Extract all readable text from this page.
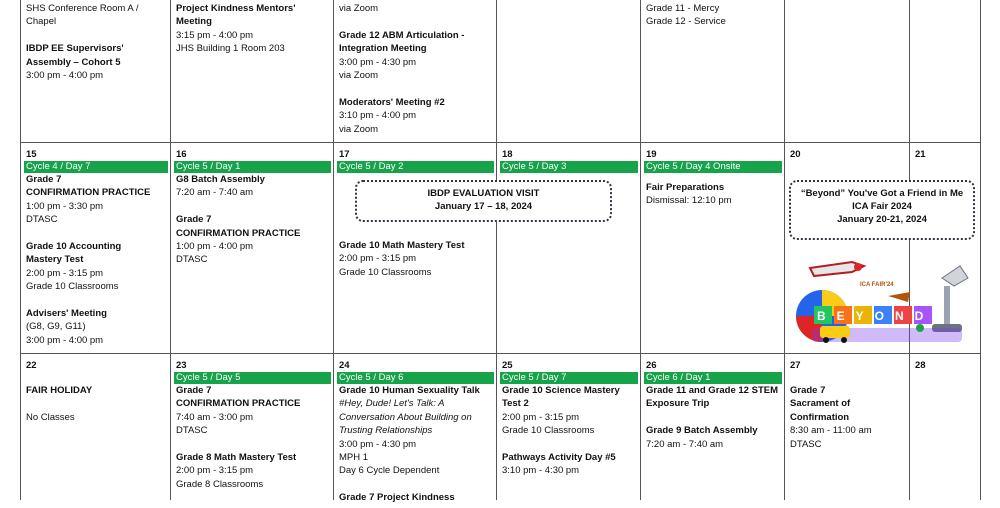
SHS Conference Room A /
Chapel
IBDP EE Supervisors'
Assembly – Cohort 5
3:00 pm - 4:00 pm
Project Kindness Mentors'
Meeting
3:15 pm - 4:00 pm
JHS Building 1 Room 203
via Zoom
Grade 12 ABM Articulation -
Integration Meeting
3:00 pm - 4:30 pm
via Zoom
Moderators' Meeting #2
3:10 pm - 4:00 pm
via Zoom
Grade 11 - Mercy
Grade 12 - Service
15
Cycle 4 / Day 7
Grade 7
CONFIRMATION PRACTICE
1:00 pm - 3:30 pm
DTASC
Grade 10 Accounting
Mastery Test
2:00 pm - 3:15 pm
Grade 10 Classrooms
Advisers' Meeting
(G8, G9, G11)
3:00 pm - 4:00 pm
16
Cycle 5 / Day 1
G8 Batch Assembly
7:20 am - 7:40 am
Grade 7
CONFIRMATION PRACTICE
1:00 pm - 4:00 pm
DTASC
17
Cycle 5 / Day 2
Grade 10 Math Mastery Test
2:00 pm - 3:15 pm
Grade 10 Classrooms
18
Cycle 5 / Day 3
19
Cycle 5 / Day 4 Onsite
Fair Preparations
Dismissal: 12:10 pm
20	21
22
FAIR HOLIDAY
No Classes
23
Cycle 5 / Day 5
Grade 7
CONFIRMATION PRACTICE
7:40 am - 3:00 pm
DTASC
Grade 8 Math Mastery Test
2:00 pm - 3:15 pm
Grade 8 Classrooms
24
Cycle 5 / Day 6
Grade 10 Human Sexuality Talk
#Hey, Dude! Let's Talk: A
Conversation About Building on
Trusting Relationships
3:00 pm - 4:30 pm
MPH 1
Day 6 Cycle Dependent
Grade 7 Project Kindness
25
Cycle 5 / Day 7
Grade 10 Science Mastery
Test 2
2:00 pm - 3:15 pm
Grade 10 Classrooms
Pathways Activity Day #5
3:10 pm - 4:30 pm
26
Cycle 6 / Day 1
Grade 11 and Grade 12 STEM
Exposure Trip
Grade 9 Batch Assembly
7:20 am - 7:40 am
27
Grade 7
Sacrament of
Confirmation
8:30 am - 11:00 am
DTASC
28
IBDP EVALUATION VISIT
January 17 – 18, 2024
“Beyond” You've Got a Friend in Me
ICA Fair 2024
January 20-21, 2024
ICA FAIR'24
BEYOND
